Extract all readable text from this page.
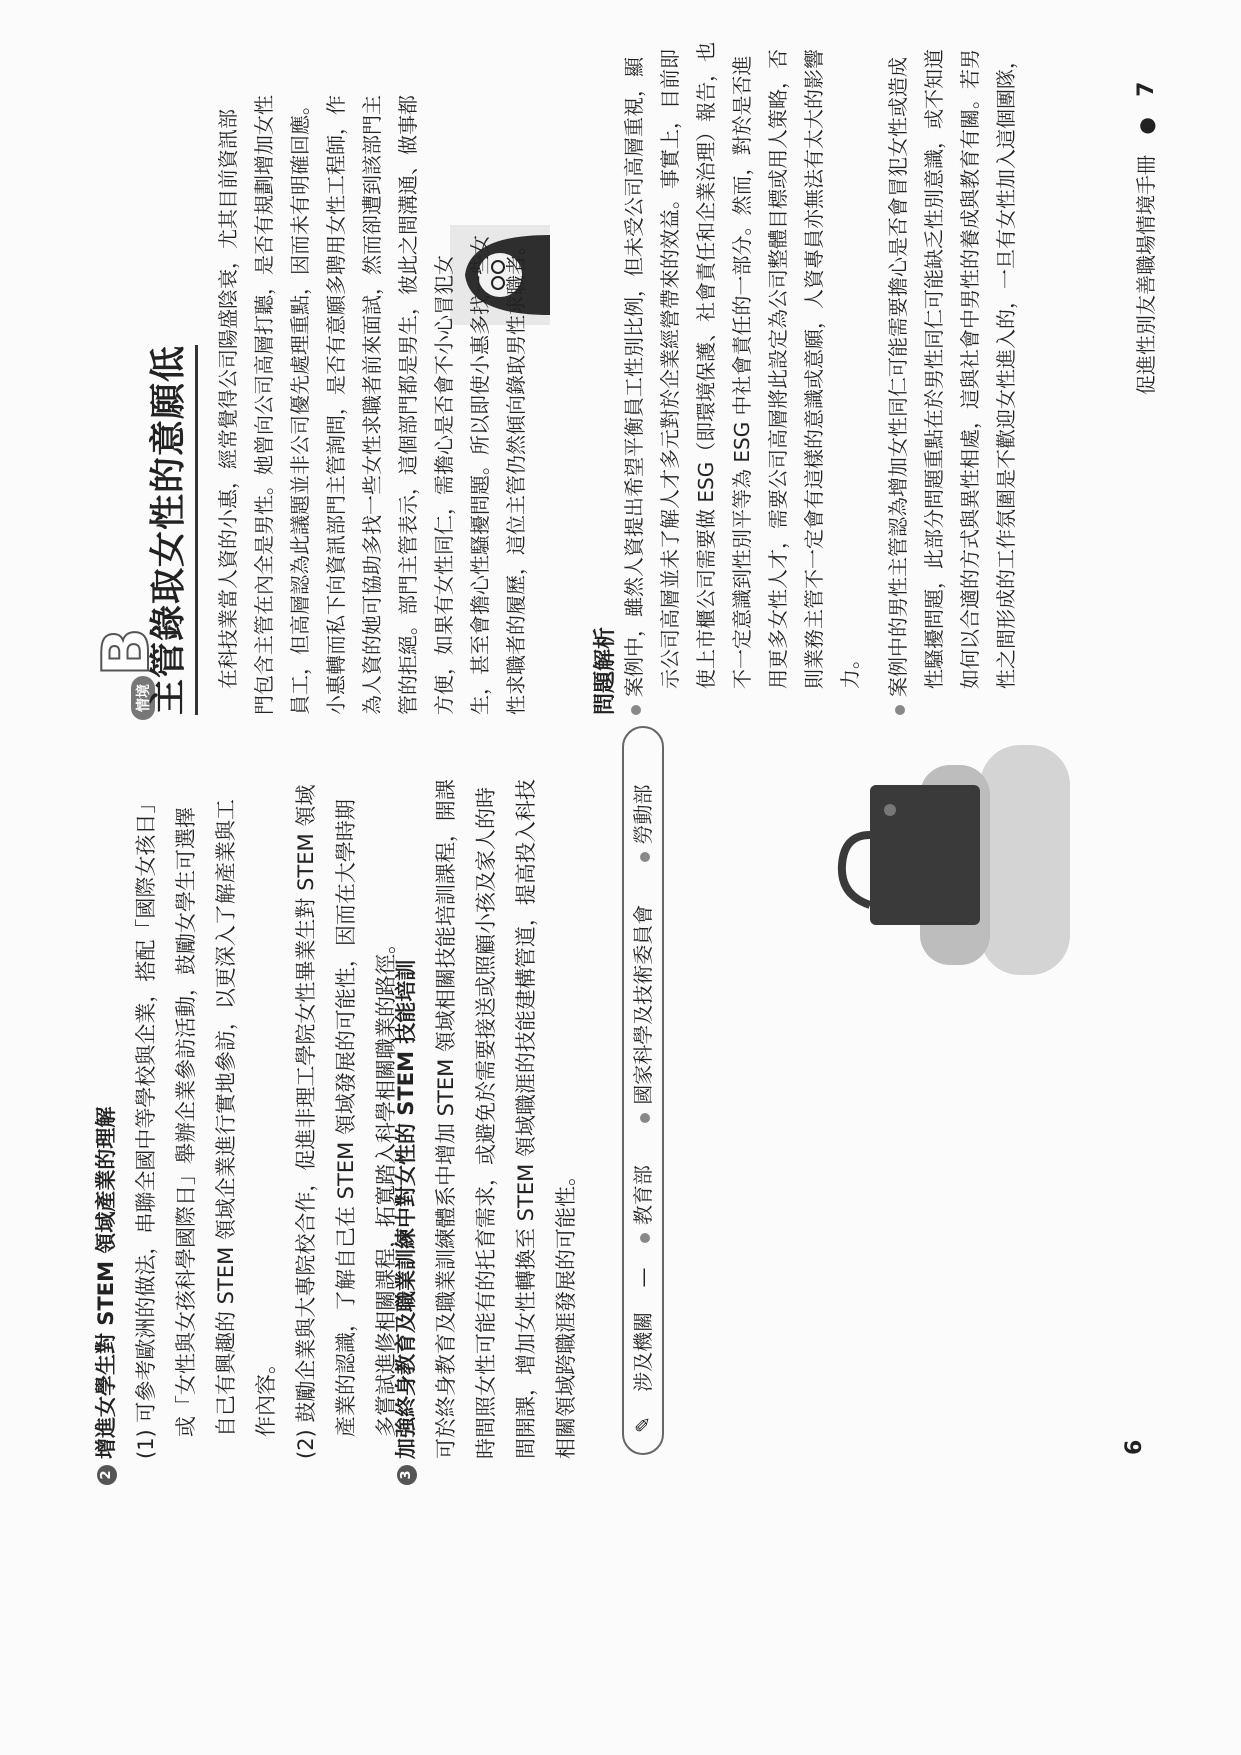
2增進女學生對 STEM 領域產業的理解 (1) 可參考歐洲的做法，串聯全國中等學校與企業，搭配「國際女孩日」 或「女性與女孩科學國際日」舉辦企業參訪活動，鼓勵女學生可選擇 自己有興趣的 STEM 領域企業進行實地參訪，以更深入了解產業與工 作內容。 (2) 鼓勵企業與大專院校合作，促進非理工學院女性畢業生對 STEM 領域 產業的認識，了解自己在 STEM 領域發展的可能性，因而在大學時期 多嘗試進修相關課程，拓寬踏入科學相關職業的路徑。
3加強終身教育及職業訓練中對女性的 STEM 技能培訓 可於終身教育及職業訓練體系中增加 STEM 領域相關技能培訓課程，開課 時間照女性可能有的托育需求，或避免於需要接送或照顧小孩及家人的時 間開課，增加女性轉換至 STEM 領域職涯的技能建構管道，提高投入科技 相關領域跨職涯發展的可能性。	✎ 涉及機關 — 教育部 國家科學及技術委員會 勞動部
6
情境 B
主管錄取女性的意願低	在科技業當人資的小惠，經常覺得公司陽盛陰衰，尤其目前資訊部 門包含主管在內全是男性。她曾向公司高層打聽，是否有規劃增加女性 員工，但高層認為此議題並非公司優先處理重點，因而未有明確回應。 小惠轉而私下向資訊部門主管詢問，是否有意願多聘用女性工程師，作 為人資的她可協助多找一些女性求職者前來面試，然而卻遭到該部門主 管的拒絕。部門主管表示，這個部門都是男生，彼此之間溝通、做事都 方便，如果有女性同仁，需擔心是否會不小心冒犯女 生，甚至會擔心性騷擾問題。所以即使小惠多找一些女 性求職者的履歷，這位主管仍然傾向錄取男性求職者。	問題解析 案例中，雖然人資提出希望平衡員工性別比例，但未受公司高層重視，顯 示公司高層並未了解人才多元對於企業經營帶來的效益。事實上，目前即 使上市櫃公司需要做 ESG（即環境保護、社會責任和企業治理）報告，也 不一定意識到性別平等為 ESG 中社會責任的一部分。然而，對於是否進 用更多女性人才，需要公司高層將此設定為公司整體目標或用人策略，否 則業務主管不一定會有這樣的意識或意願，人資專員亦無法有太大的影響力。	案例中的男性主管認為增加女性同仁可能需要擔心是否會冒犯女性或造成 性騷擾問題，此部分問題重點在於男性同仁可能缺乏性別意識，或不知道 如何以合適的方式與異性相處，這與社會中男性的養成與教育有關。若男 性之間形成的工作氛圍是不歡迎女性進入的，一旦有女性加入這個團隊，	促進性別友善職場情境手冊 ● 7
